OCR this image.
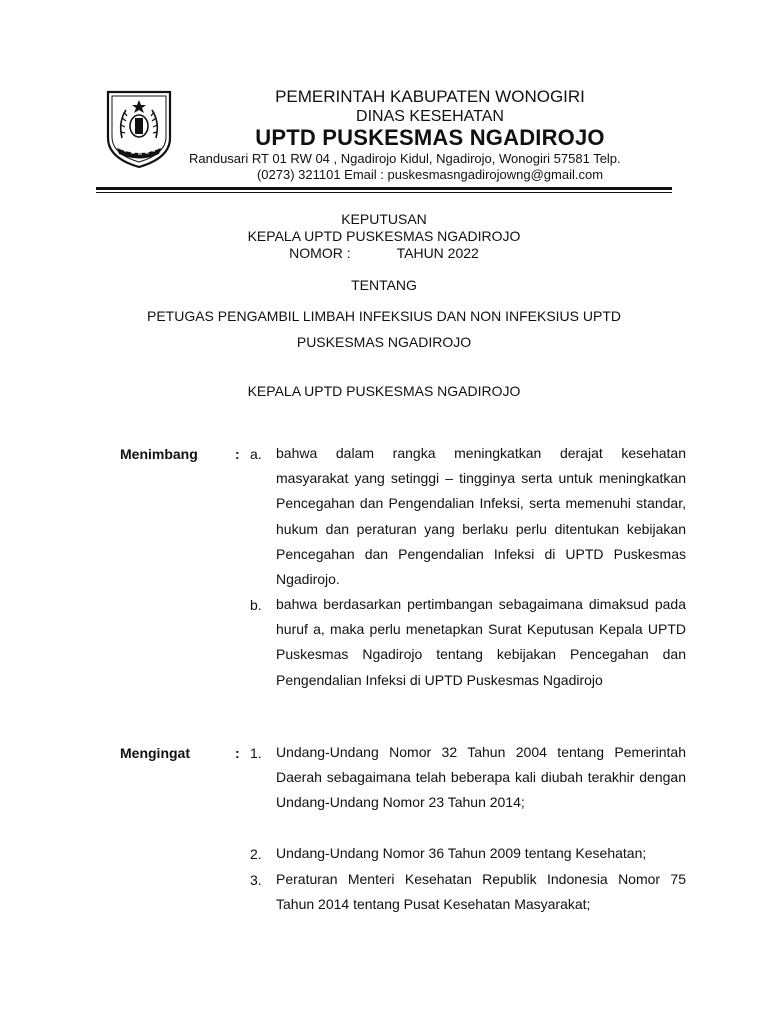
PEMERINTAH KABUPATEN WONOGIRI
DINAS KESEHATAN
UPTD PUSKESMAS NGADIROJO
Randusari RT 01 RW 04 , Ngadirojo Kidul, Ngadirojo, Wonogiri 57581 Telp.
(0273) 321101 Email : puskesmasngadirojowng@gmail.com
KEPUTUSAN
KEPALA UPTD PUSKESMAS NGADIROJO
NOMOR :	TAHUN 2022
TENTANG
PETUGAS PENGAMBIL LIMBAH INFEKSIUS DAN NON INFEKSIUS UPTD
PUSKESMAS NGADIROJO
KEPALA UPTD PUSKESMAS NGADIROJO
Menimbang	: a. bahwa dalam rangka meningkatkan derajat kesehatan masyarakat yang setinggi – tingginya serta untuk meningkatkan Pencegahan dan Pengendalian Infeksi, serta memenuhi standar, hukum dan peraturan yang berlaku perlu ditentukan kebijakan Pencegahan dan Pengendalian Infeksi di UPTD Puskesmas Ngadirojo.
b. bahwa berdasarkan pertimbangan sebagaimana dimaksud pada huruf a, maka perlu menetapkan Surat Keputusan Kepala UPTD Puskesmas Ngadirojo tentang kebijakan Pencegahan dan Pengendalian Infeksi di UPTD Puskesmas Ngadirojo
Mengingat	: 1. Undang-Undang Nomor 32 Tahun 2004 tentang Pemerintah Daerah sebagaimana telah beberapa kali diubah terakhir dengan Undang-Undang Nomor 23 Tahun 2014;
2. Undang-Undang Nomor 36 Tahun 2009 tentang Kesehatan;
3. Peraturan Menteri Kesehatan Republik Indonesia Nomor 75 Tahun 2014 tentang Pusat Kesehatan Masyarakat;
